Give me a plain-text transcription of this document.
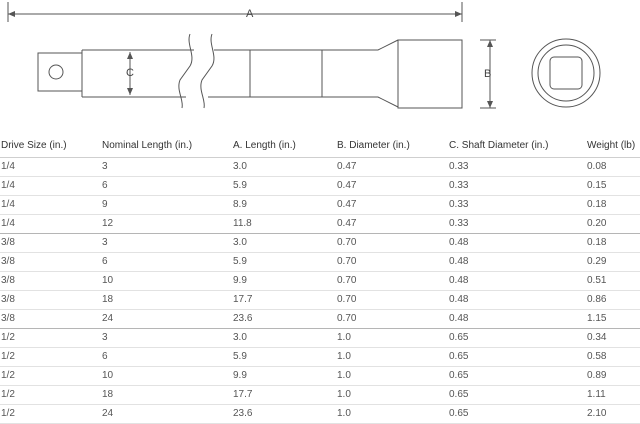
A
C	B
Drive Size (in.)	Nominal Length (in.)	A. Length (in.)	B. Diameter (in.)	C. Shaft Diameter (in.)	Weight (lb)
1/4	3	3.0	0.47	0.33	0.08
1/4	6	5.9	0.47	0.33	0.15
1/4	9	8.9	0.47	0.33	0.18
1/4	12	11.8	0.47	0.33	0.20
3/8	3	3.0	0.70	0.48	0.18
3/8	6	5.9	0.70	0.48	0.29
3/8	10	9.9	0.70	0.48	0.51
3/8	18	17.7	0.70	0.48	0.86
3/8	24	23.6	0.70	0.48	1.15
1/2	3	3.0	1.0	0.65	0.34
1/2	6	5.9	1.0	0.65	0.58
1/2	10	9.9	1.0	0.65	0.89
1/2	18	17.7	1.0	0.65	1.11
1/2	24	23.6	1.0	0.65	2.10
